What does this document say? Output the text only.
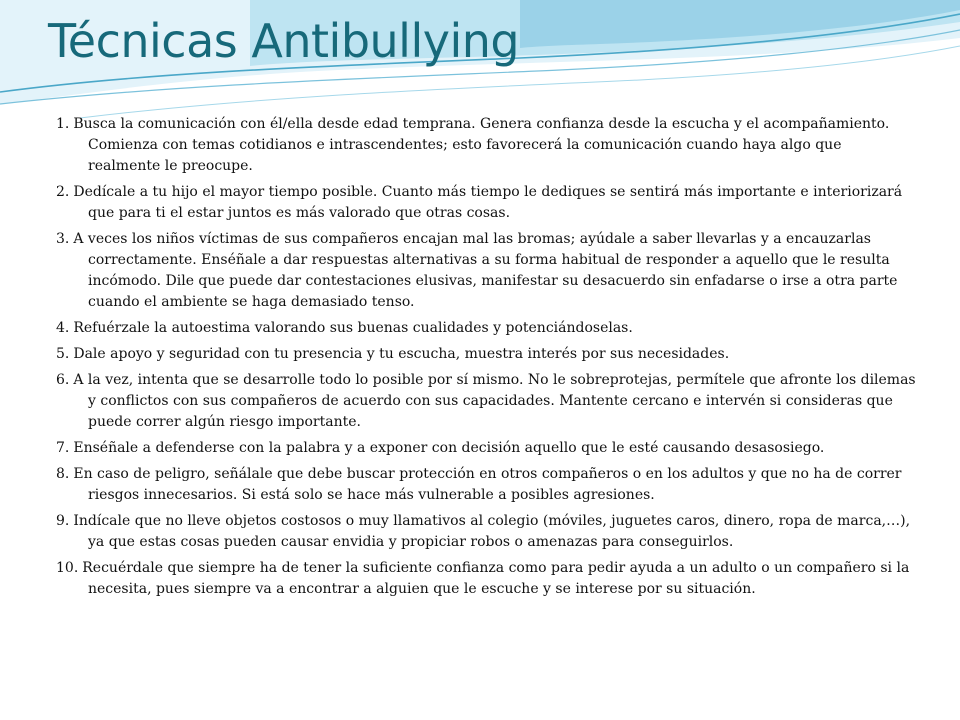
Técnicas Antibullying
1. Busca la comunicación con él/ella desde edad temprana. Genera confianza desde la escucha y el acompañamiento. Comienza con temas cotidianos e intrascendentes; esto favorecerá la comunicación cuando haya algo que realmente le preocupe.
2. Dedícale a tu hijo el mayor tiempo posible. Cuanto más tiempo le dediques se sentirá más importante e interiorizará que para ti el estar juntos es más valorado que otras cosas.
3. A veces los niños víctimas de sus compañeros encajan mal las bromas; ayúdale a saber llevarlas y a encauzarlas correctamente. Enséñale a dar respuestas alternativas a su forma habitual de responder a aquello que le resulta incómodo. Dile que puede dar contestaciones elusivas, manifestar su desacuerdo sin enfadarse o irse a otra parte cuando el ambiente se haga demasiado tenso.
4. Refuérzale la autoestima valorando sus buenas cualidades y potenciándoselas.
5. Dale apoyo y seguridad con tu presencia y tu escucha, muestra interés por sus necesidades.
6. A la vez, intenta que se desarrolle todo lo posible por sí mismo. No le sobreprotejas, permítele que afronte los dilemas y conflictos con sus compañeros de acuerdo con sus capacidades. Mantente cercano e intervén si consideras que puede correr algún riesgo importante.
7. Enséñale a defenderse con la palabra y a exponer con decisión aquello que le esté causando desasosiego.
8. En caso de peligro, señálale que debe buscar protección en otros compañeros o en los adultos y que no ha de correr riesgos innecesarios. Si está solo se hace más vulnerable a posibles agresiones.
9. Indícale que no lleve objetos costosos o muy llamativos al colegio (móviles, juguetes caros, dinero, ropa de marca,…), ya que estas cosas pueden causar envidia y propiciar robos o amenazas para conseguirlos.
10. Recuérdale que siempre ha de tener la suficiente confianza como para pedir ayuda a un adulto o un compañero si la necesita, pues siempre va a encontrar a alguien que le escuche y se interese por su situación.
